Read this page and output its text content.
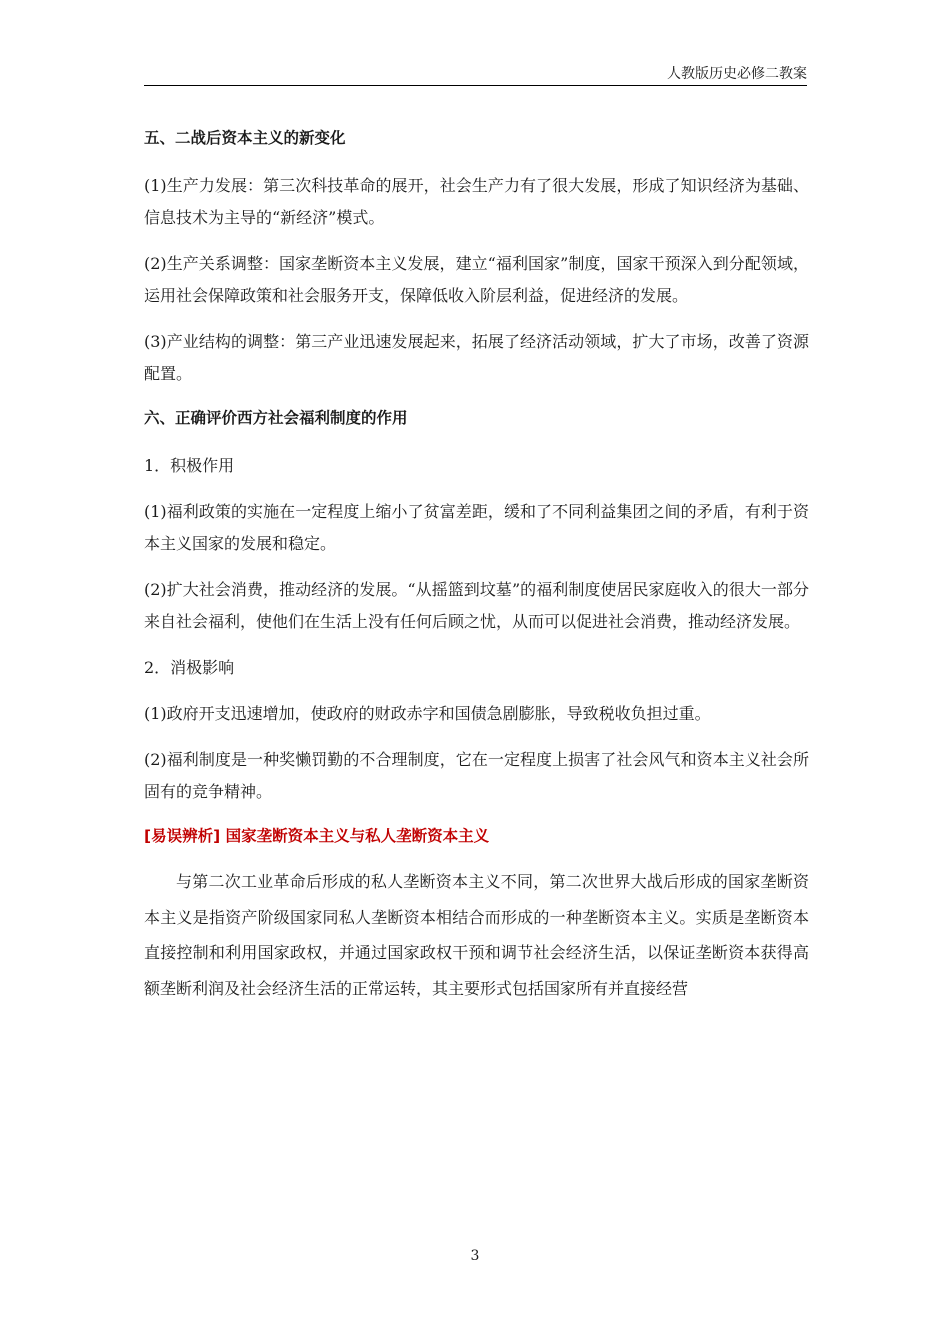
人教版历史必修二教案
五、二战后资本主义的新变化

(1)生产力发展：第三次科技革命的展开，社会生产力有了很大发展，形成了知识经济为基础、信息技术为主导的“新经济”模式。

(2)生产关系调整：国家垄断资本主义发展，建立“福利国家”制度，国家干预深入到分配领域，运用社会保障政策和社会服务开支，保障低收入阶层利益，促进经济的发展。

(3)产业结构的调整：第三产业迅速发展起来，拓展了经济活动领域，扩大了市场，改善了资源配置。

六、正确评价西方社会福利制度的作用

1．积极作用

(1)福利政策的实施在一定程度上缩小了贫富差距，缓和了不同利益集团之间的矛盾，有利于资本主义国家的发展和稳定。

(2)扩大社会消费，推动经济的发展。“从摇篮到坟墓”的福利制度使居民家庭收入的很大一部分来自社会福利，使他们在生活上没有任何后顾之忧，从而可以促进社会消费，推动经济发展。

2．消极影响

(1)政府开支迅速增加，使政府的财政赤字和国债急剧膨胀，导致税收负担过重。

(2)福利制度是一种奖懒罚勤的不合理制度，它在一定程度上损害了社会风气和资本主义社会所固有的竞争精神。

[易误辨析] 国家垄断资本主义与私人垄断资本主义

与第二次工业革命后形成的私人垄断资本主义不同，第二次世界大战后形成的国家垄断资本主义是指资产阶级国家同私人垄断资本相结合而形成的一种垄断资本主义。实质是垄断资本直接控制和利用国家政权，并通过国家政权干预和调节社会经济生活，以保证垄断资本获得高额垄断利润及社会经济生活的正常运转，其主要形式包括国家所有并直接经营

3
